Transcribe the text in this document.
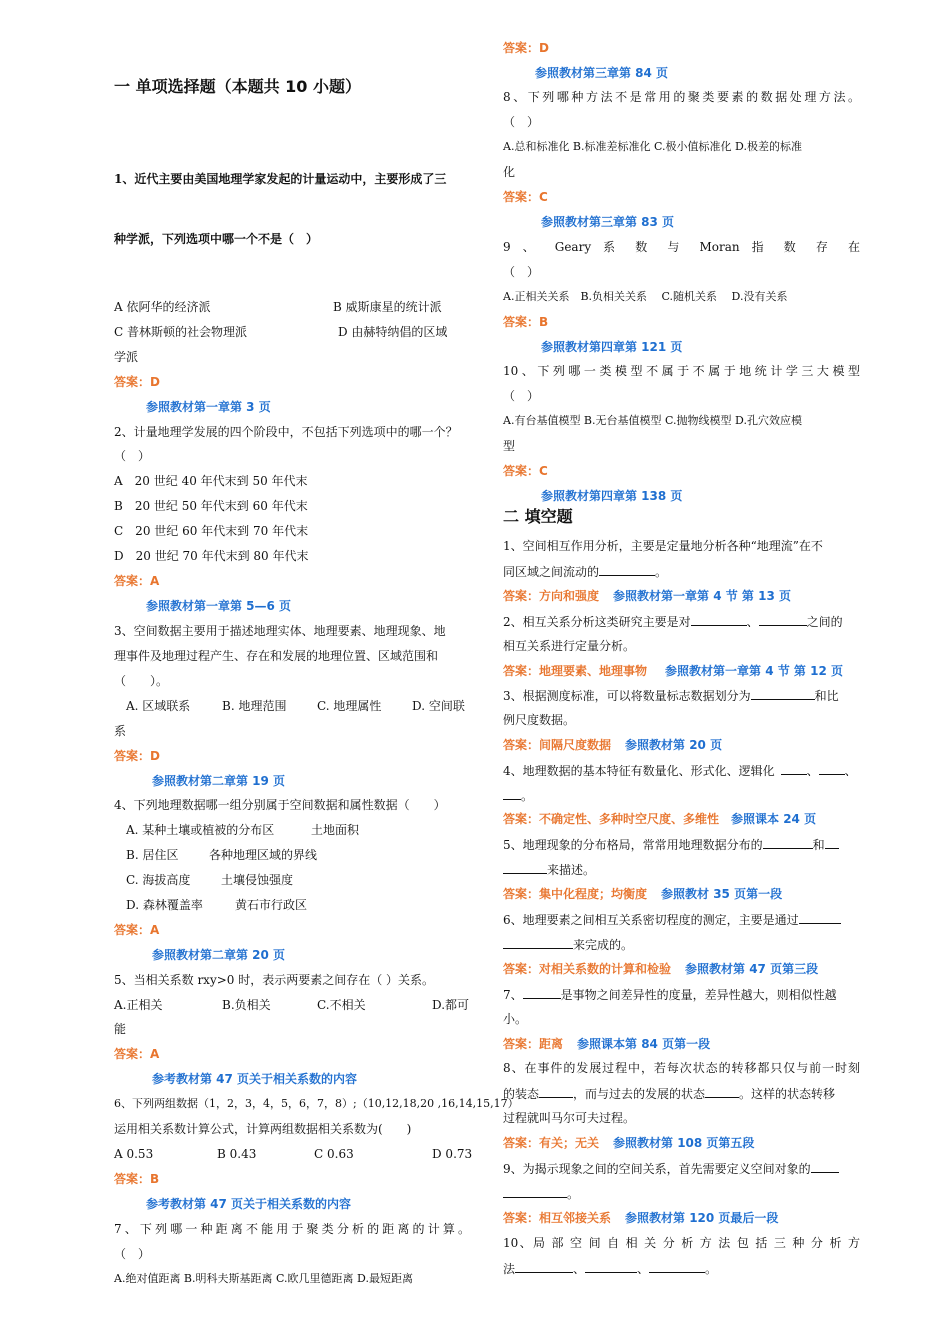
一 单项选择题（本题共 10 小题）
1、近代主要由美国地理学家发起的计量运动中，主要形成了三
种学派，下列选项中哪一个不是（　）
A 依阿华的经济派	B 威斯康星的统计派
C 普林斯顿的社会物理派	D 由赫特纳倡的区域
学派
答案：D
参照教材第一章第 3 页
2、计量地理学发展的四个阶段中，不包括下列选项中的哪一个？
（　）
A　20 世纪 40 年代末到 50 年代末
B　20 世纪 50 年代末到 60 年代末
C　20 世纪 60 年代末到 70 年代末
D　20 世纪 70 年代末到 80 年代末
答案：A
参照教材第一章第 5—6 页
3、空间数据主要用于描述地理实体、地理要素、地理现象、地
理事件及地理过程产生、存在和发展的地理位置、区域范围和
（　　）。
A. 区域联系	B. 地理范围	C. 地理属性	D. 空间联
系
答案：D
参照教材第二章第 19 页
4、下列地理数据哪一组分别属于空间数据和属性数据（　　）
A. 某种土壤或植被的分布区	土地面积
B. 居住区	各种地理区域的界线
C. 海拔高度	土壤侵蚀强度
D. 森林覆盖率	黄石市行政区
答案：A
参照教材第二章第 20 页
5、当相关系数 rxy>0 时，表示两要素之间存在（ ）关系。
A.正相关	B.负相关	C.不相关	D.都可
能
答案：A
参考教材第 47 页关于相关系数的内容
6、下列两组数据（1，2，3，4，5，6，7，8）;（10,12,18,20 ,16,14,15,17）
运用相关系数计算公式，计算两组数据相关系数为(　　)
A 0.53	B 0.43	C 0.63	D 0.73
答案：B
参考教材第 47 页关于相关系数的内容
7、下列哪一种距离不能用于聚类分析的距离的计算。
（　）
A.绝对值距离 B.明科夫斯基距离 C.欧几里德距离 D.最短距离
答案：D
参照教材第三章第 84 页
8、下列哪种方法不是常用的聚类要素的数据处理方法。
（　）
A.总和标准化 B.标准差标准化 C.极小值标准化 D.极差的标准
化
答案：C
参照教材第三章第 83 页
9 、 Geary 系 数 与 Moran 指 数 存 在
（　）
A.正相关关系　B.负相关关系　 C.随机关系　 D.没有关系
答案：B
参照教材第四章第 121 页
10、下列哪一类模型不属于不属于地统计学三大模型
（　）
A.有台基值模型 B.无台基值模型 C.抛物线模型 D.孔穴效应模
型
答案：C
参照教材第四章第 138 页
二 填空题
1、空间相互作用分析，主要是定量地分析各种“地理流”在不
同区域之间流动的	。
答案：方向和强度 参照教材第一章第 4 节 第 13 页
2、相互关系分析这类研究主要是对	、	之间的
相互关系进行定量分析。
答案：地理要素、地理事物 参照教材第一章第 4 节 第 12 页
3、根据测度标准，可以将数量标志数据划分为	和比
例尺度数据。
答案：间隔尺度数据 参照教材第 20 页
4、地理数据的基本特征有数量化、形式化、逻辑化	、 、
。
答案：不确定性、多种时空尺度、多维性 参照课本 24 页
5、地理现象的分布格局，常常用地理数据分布的	和
来描述。
答案：集中化程度；均衡度 参照教材 35 页第一段
6、地理要素之间相互关系密切程度的测定，主要是通过
来完成的。
答案：对相关系数的计算和检验 参照教材第 47 页第三段
7、	是事物之间差异性的度量，差异性越大，则相似性越
小。
答案：距离 参照课本第 84 页第一段
8、在事件的发展过程中，若每次状态的转移都只仅与前一时刻
的装态	，而与过去的发展的状态	。这样的状态转移
过程就叫马尔可夫过程。
答案：有关；无关 参照教材第 108 页第五段
9、为揭示现象之间的空间关系，首先需要定义空间对象的
。
答案：相互邻接关系 参照教材第 120 页最后一段
10、局 部 空 间 自 相 关 分 析 方 法 包 括 三 种 分 析 方
法	、	、	。
